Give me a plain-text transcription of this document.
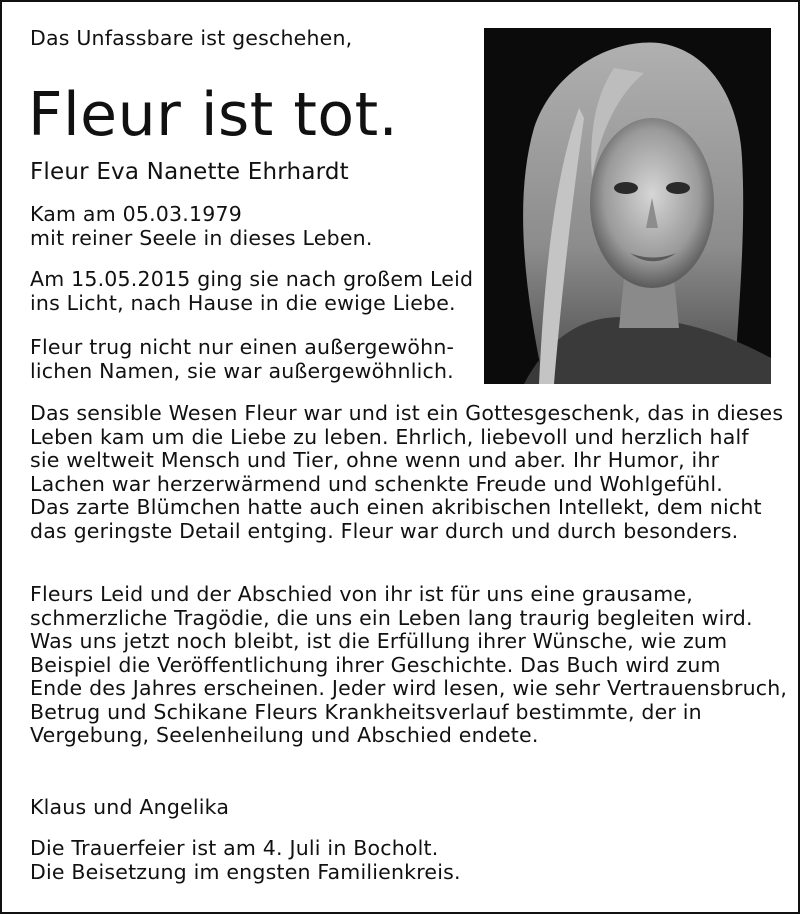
Das Unfassbare ist geschehen,
Fleur ist tot.
Fleur Eva Nanette Ehrhardt
Kam am 05.03.1979
mit reiner Seele in dieses Leben.
Am 15.05.2015 ging sie nach großem Leid
ins Licht, nach Hause in die ewige Liebe.
Fleur trug nicht nur einen außergewöhn-
lichen Namen, sie war außergewöhnlich.
Das sensible Wesen Fleur war und ist ein Gottesgeschenk, das in dieses
Leben kam um die Liebe zu leben. Ehrlich, liebevoll und herzlich half
sie weltweit Mensch und Tier, ohne wenn und aber. Ihr Humor, ihr
Lachen war herzerwärmend und schenkte Freude und Wohlgefühl.
Das zarte Blümchen hatte auch einen akribischen Intellekt, dem nicht
das geringste Detail entging. Fleur war durch und durch besonders.
Fleurs Leid und der Abschied von ihr ist für uns eine grausame,
schmerzliche Tragödie, die uns ein Leben lang traurig begleiten wird.
Was uns jetzt noch bleibt, ist die Erfüllung ihrer Wünsche, wie zum
Beispiel die Veröffentlichung ihrer Geschichte. Das Buch wird zum
Ende des Jahres erscheinen. Jeder wird lesen, wie sehr Vertrauensbruch,
Betrug und Schikane Fleurs Krankheitsverlauf bestimmte, der in
Vergebung, Seelenheilung und Abschied endete.
Klaus und Angelika
Die Trauerfeier ist am 4. Juli in Bocholt.
Die Beisetzung im engsten Familienkreis.
